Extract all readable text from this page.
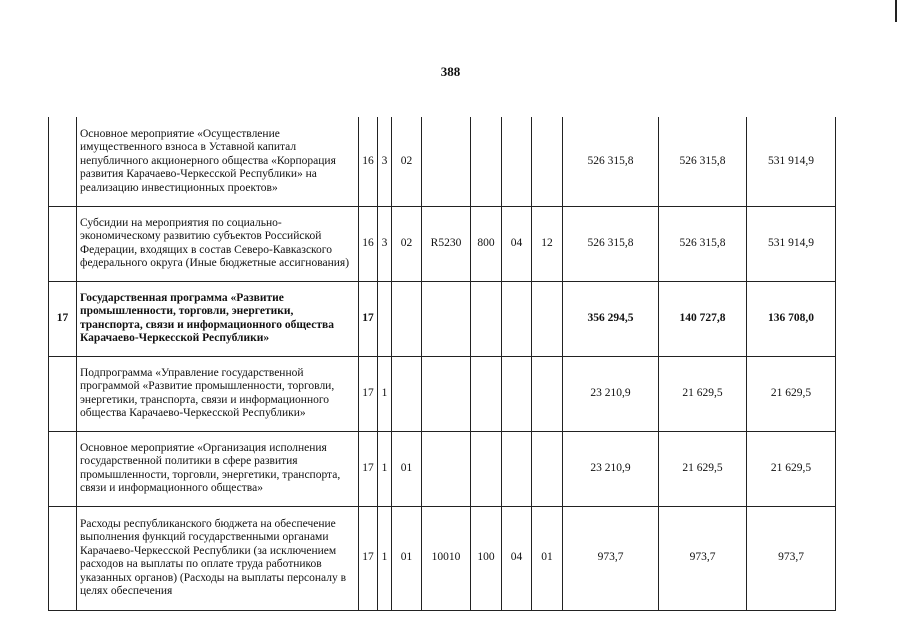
388

	Основное мероприятие «Осуществление имущественного взноса в Уставной капитал непубличного акционерного общества «Корпорация развития Карачаево-Черкесской Республики» на реализацию инвестиционных проектов»	16	3	02					526 315,8	526 315,8	531 914,9

	Субсидии на мероприятия по социально-экономическому развитию субъектов Российской Федерации, входящих в состав Северо-Кавказского федерального округа (Иные бюджетные ассигнования)	16	3	02	R5230	800	04	12	526 315,8	526 315,8	531 914,9
17	Государственная программа «Развитие промышленности, торговли, энергетики, транспорта, связи и информационного общества Карачаево-Черкесской Республики»	17							356 294,5	140 727,8	136 708,0

	Подпрограмма «Управление государственной программой «Развитие промышленности, торговли, энергетики, транспорта, связи и информационного общества Карачаево-Черкесской Республики»	17	1						23 210,9	21 629,5	21 629,5

	Основное мероприятие «Организация исполнения государственной политики в сфере развития промышленности, торговли, энергетики, транспорта, связи и информационного общества»	17	1	01					23 210,9	21 629,5	21 629,5

	Расходы республиканского бюджета на обеспечение выполнения функций государственными органами Карачаево-Черкесской Республики (за исключением расходов на выплаты по оплате труда работников указанных органов) (Расходы на выплаты персоналу в целях обеспечения	17	1	01	10010	100	04	01	973,7	973,7	973,7
